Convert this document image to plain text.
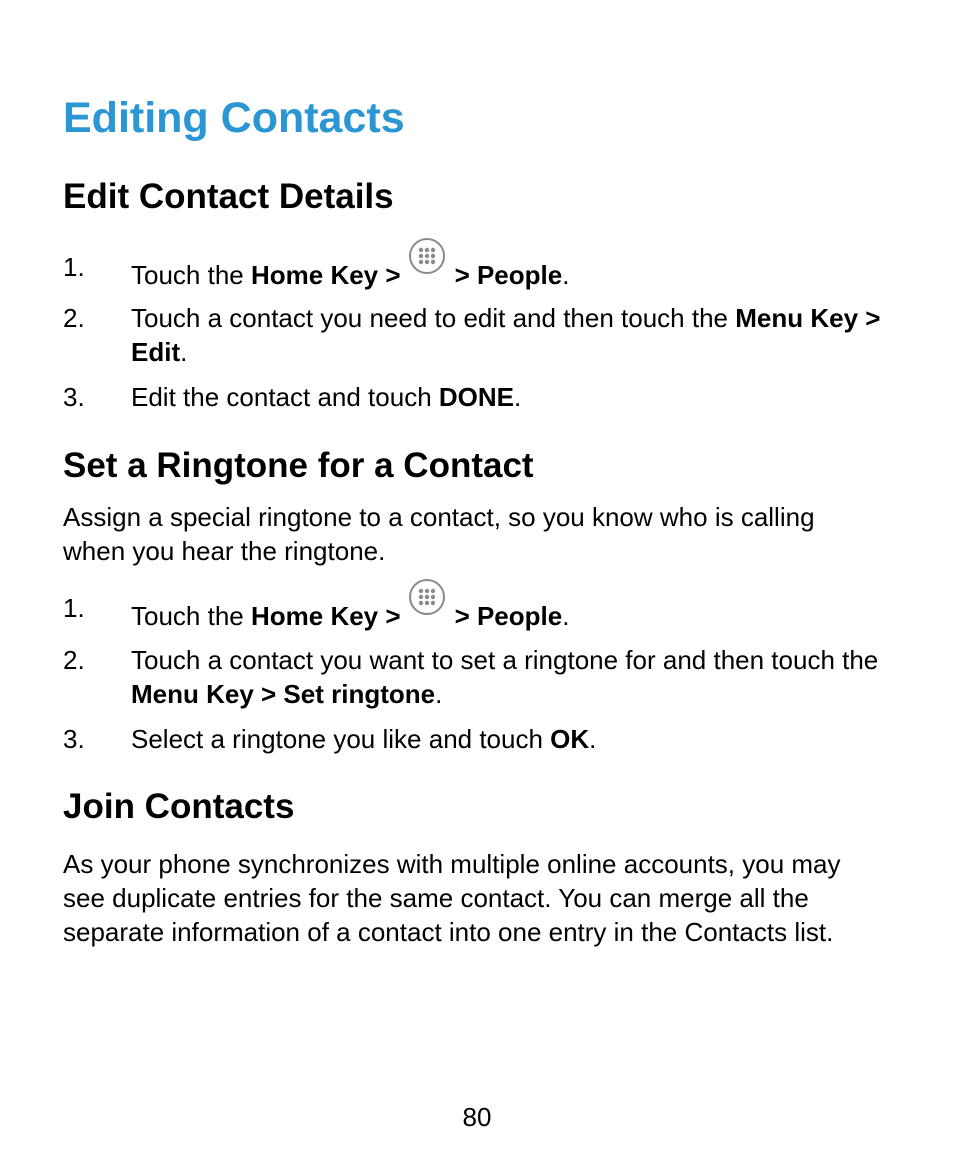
Editing Contacts
Edit Contact Details
1. Touch the Home Key > > People.
2. Touch a contact you need to edit and then touch the Menu Key > Edit.
3. Edit the contact and touch DONE.
Set a Ringtone for a Contact

Assign a special ringtone to a contact, so you know who is calling when you hear the ringtone.

1. Touch the Home Key > > People.
2. Touch a contact you want to set a ringtone for and then touch the Menu Key > Set ringtone.
3. Select a ringtone you like and touch OK.
Join Contacts

As your phone synchronizes with multiple online accounts, you may see duplicate entries for the same contact. You can merge all the separate information of a contact into one entry in the Contacts list.

80
